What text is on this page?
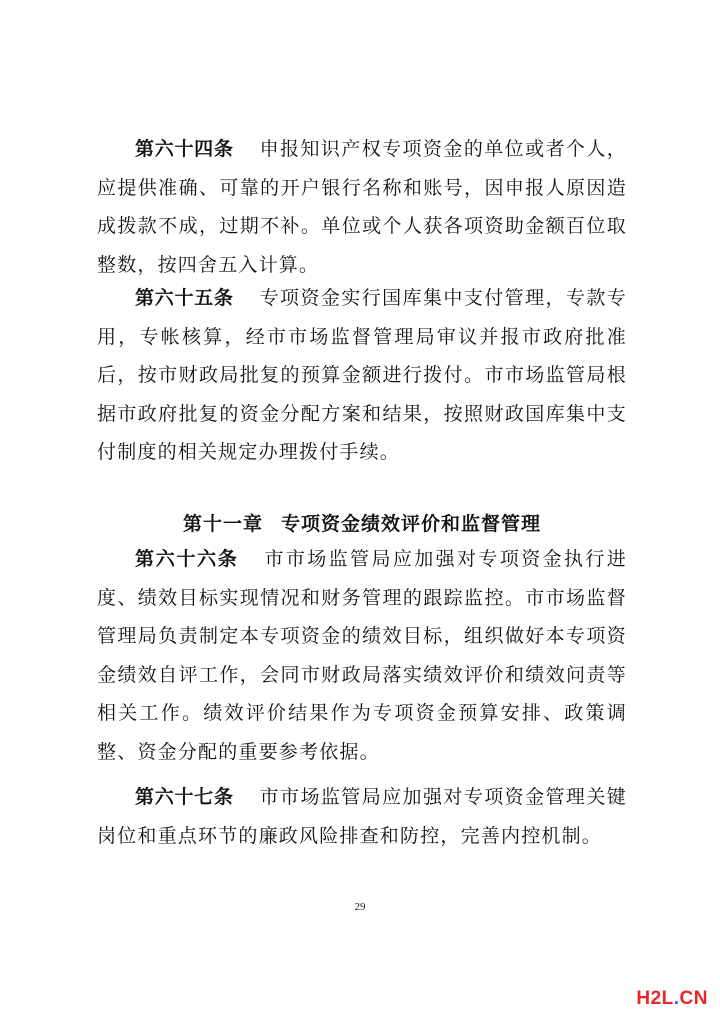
第六十四条 申报知识产权专项资金的单位或者个人，应提供准确、可靠的开户银行名称和账号，因申报人原因造成拨款不成，过期不补。单位或个人获各项资助金额百位取整数，按四舍五入计算。

第六十五条 专项资金实行国库集中支付管理，专款专用，专帐核算，经市市场监督管理局审议并报市政府批准后，按市财政局批复的预算金额进行拨付。市市场监管局根据市政府批复的资金分配方案和结果，按照财政国库集中支付制度的相关规定办理拨付手续。

第十一章 专项资金绩效评价和监督管理

第六十六条 市市场监管局应加强对专项资金执行进度、绩效目标实现情况和财务管理的跟踪监控。市市场监督管理局负责制定本专项资金的绩效目标，组织做好本专项资金绩效自评工作，会同市财政局落实绩效评价和绩效问责等相关工作。绩效评价结果作为专项资金预算安排、政策调整、资金分配的重要参考依据。

第六十七条 市市场监管局应加强对专项资金管理关键岗位和重点环节的廉政风险排查和防控，完善内控机制。

29
H2L.CN
